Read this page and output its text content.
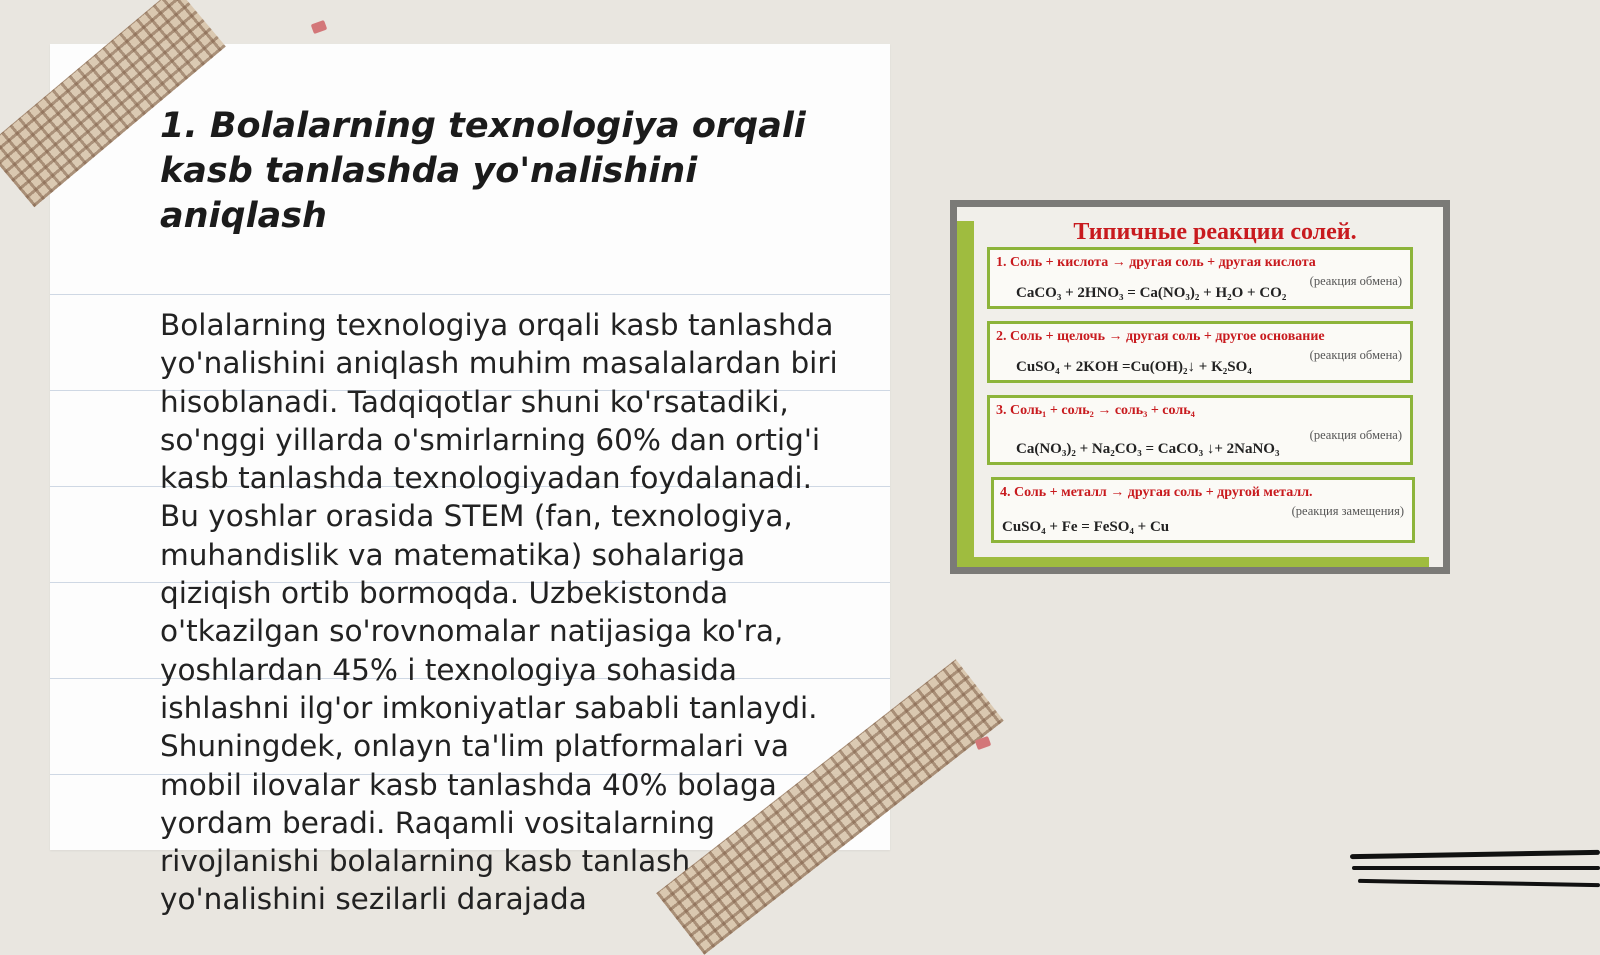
1. Bolalarning texnologiya orqali kasb tanlashda yo'nalishini aniqlash

Bolalarning texnologiya orqali kasb tanlashda yo'nalishini aniqlash muhim masalalardan biri hisoblanadi. Tadqiqotlar shuni ko'rsatadiki, so'nggi yillarda o'smirlarning 60% dan ortig'i kasb tanlashda texnologiyadan foydalanadi. Bu yoshlar orasida STEM (fan, texnologiya, muhandislik va matematika) sohalariga qiziqish ortib bormoqda. Uzbekistonda o'tkazilgan so'rovnomalar natijasiga ko'ra, yoshlardan 45% i texnologiya sohasida ishlashni ilg'or imkoniyatlar sababli tanlaydi. Shuningdek, onlayn ta'lim platformalari va mobil ilovalar kasb tanlashda 40% bolaga yordam beradi. Raqamli vositalarning rivojlanishi bolalarning kasb tanlash yo'nalishini sezilarli darajada

Типичные реакции солей.

1. Соль + кислота → другая соль + другая кислота
(реакция обмена)
CaCO₃ + 2HNO₃ = Ca(NO₃)₂ + H₂O + CO₂
2. Соль + щелочь → другая соль + другое основание
(реакция обмена)
CuSO₄ + 2KOH =Cu(OH)₂↓ + K₂SO₄
3. Соль₁ + соль₂ → соль₃ + соль₄
(реакция обмена)
Ca(NO₃)₂ + Na₂CO₃ = CaCO₃ ↓+ 2NaNO₃
4. Соль + металл → другая соль + другой металл.
(реакция замещения)
CuSO₄ + Fe = FeSO₄ + Cu
